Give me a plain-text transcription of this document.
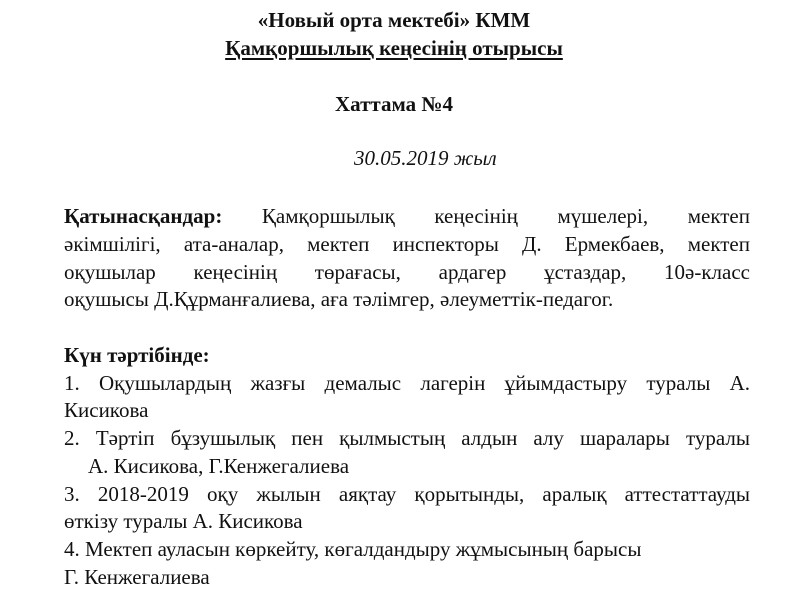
«Новый орта мектебі» КММ
Қамқоршылық кеңесінің отырысы
Хаттама №4
30.05.2019 жыл
Қатынасқандар: Қамқоршылық кеңесінің мүшелері, мектеп
әкімшілігі, ата-аналар, мектеп инспекторы Д. Ермекбаев, мектеп
оқушылар кеңесінің төрағасы, ардагер ұстаздар, 10ә-класс
оқушысы Д.Құрманғалиева, аға тәлімгер, әлеуметтік-педагог.
Күн тәртібінде:
1. Оқушылардың жазғы демалыс лагерін ұйымдастыру туралы А.
Кисикова
2. Тәртіп бұзушылық пен қылмыстың алдын алу шаралары туралы
А. Кисикова, Г.Кенжегалиева
3. 2018-2019 оқу жылын аяқтау қорытынды, аралық аттестаттауды
өткізу туралы А. Кисикова
4. Мектеп ауласын көркейту, көгалдандыру жұмысының барысы
Г. Кенжегалиева
